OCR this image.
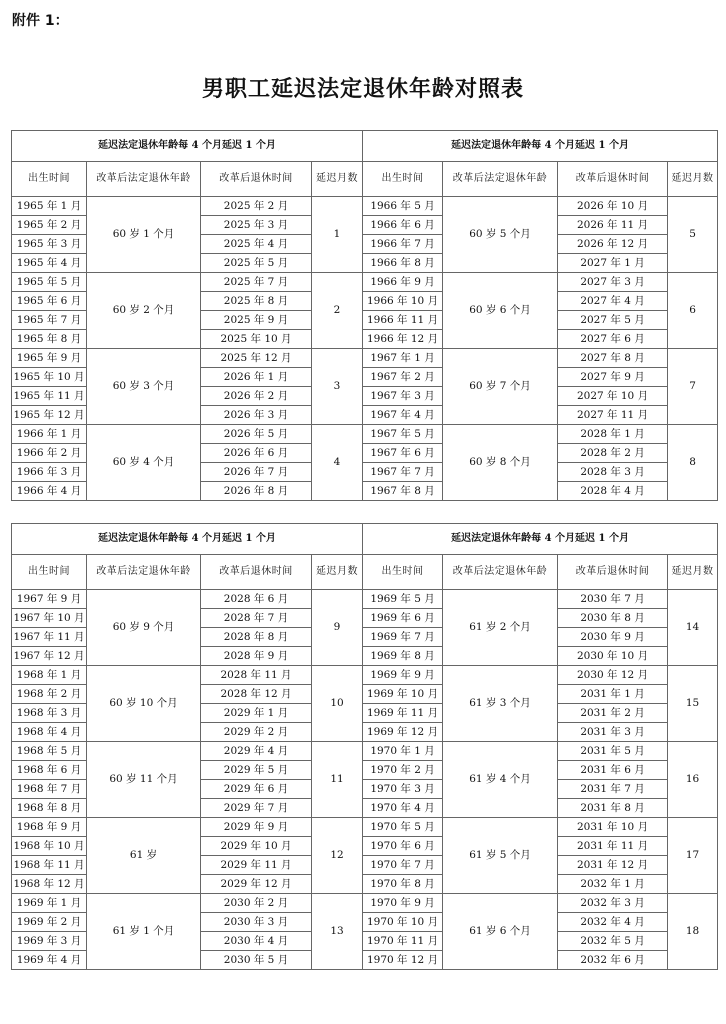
附件 1：
男职工延迟法定退休年龄对照表
延迟法定退休年龄每 4 个月延迟 1 个月				延迟法定退休年龄每 4 个月延迟 1 个月			
出生时间	改革后法定退休年龄	改革后退休时间	延迟月数	出生时间	改革后法定退休年龄	改革后退休时间	延迟月数
1965 年 1 月	60 岁 1 个月	2025 年 2 月	1	1966 年 5 月	60 岁 5 个月	2026 年 10 月	5
1965 年 2 月		2025 年 3 月		1966 年 6 月		2026 年 11 月	
1965 年 3 月		2025 年 4 月		1966 年 7 月		2026 年 12 月	
1965 年 4 月		2025 年 5 月		1966 年 8 月		2027 年 1 月	
1965 年 5 月	60 岁 2 个月	2025 年 7 月	2	1966 年 9 月	60 岁 6 个月	2027 年 3 月	6
1965 年 6 月		2025 年 8 月		1966 年 10 月		2027 年 4 月	
1965 年 7 月		2025 年 9 月		1966 年 11 月		2027 年 5 月	
1965 年 8 月		2025 年 10 月		1966 年 12 月		2027 年 6 月	
1965 年 9 月	60 岁 3 个月	2025 年 12 月	3	1967 年 1 月	60 岁 7 个月	2027 年 8 月	7
1965 年 10 月		2026 年 1 月		1967 年 2 月		2027 年 9 月	
1965 年 11 月		2026 年 2 月		1967 年 3 月		2027 年 10 月	
1965 年 12 月		2026 年 3 月		1967 年 4 月		2027 年 11 月	
1966 年 1 月	60 岁 4 个月	2026 年 5 月	4	1967 年 5 月	60 岁 8 个月	2028 年 1 月	8
1966 年 2 月		2026 年 6 月		1967 年 6 月		2028 年 2 月	
1966 年 3 月		2026 年 7 月		1967 年 7 月		2028 年 3 月	
1966 年 4 月		2026 年 8 月		1967 年 8 月		2028 年 4 月	
延迟法定退休年龄每 4 个月延迟 1 个月				延迟法定退休年龄每 4 个月延迟 1 个月			
出生时间	改革后法定退休年龄	改革后退休时间	延迟月数	出生时间	改革后法定退休年龄	改革后退休时间	延迟月数
1967 年 9 月	60 岁 9 个月	2028 年 6 月	9	1969 年 5 月	61 岁 2 个月	2030 年 7 月	14
1967 年 10 月		2028 年 7 月		1969 年 6 月		2030 年 8 月	
1967 年 11 月		2028 年 8 月		1969 年 7 月		2030 年 9 月	
1967 年 12 月		2028 年 9 月		1969 年 8 月		2030 年 10 月	
1968 年 1 月	60 岁 10 个月	2028 年 11 月	10	1969 年 9 月	61 岁 3 个月	2030 年 12 月	15
1968 年 2 月		2028 年 12 月		1969 年 10 月		2031 年 1 月	
1968 年 3 月		2029 年 1 月		1969 年 11 月		2031 年 2 月	
1968 年 4 月		2029 年 2 月		1969 年 12 月		2031 年 3 月	
1968 年 5 月	60 岁 11 个月	2029 年 4 月	11	1970 年 1 月	61 岁 4 个月	2031 年 5 月	16
1968 年 6 月		2029 年 5 月		1970 年 2 月		2031 年 6 月	
1968 年 7 月		2029 年 6 月		1970 年 3 月		2031 年 7 月	
1968 年 8 月		2029 年 7 月		1970 年 4 月		2031 年 8 月	
1968 年 9 月	61 岁	2029 年 9 月	12	1970 年 5 月	61 岁 5 个月	2031 年 10 月	17
1968 年 10 月		2029 年 10 月		1970 年 6 月		2031 年 11 月	
1968 年 11 月		2029 年 11 月		1970 年 7 月		2031 年 12 月	
1968 年 12 月		2029 年 12 月		1970 年 8 月		2032 年 1 月	
1969 年 1 月	61 岁 1 个月	2030 年 2 月	13	1970 年 9 月	61 岁 6 个月	2032 年 3 月	18
1969 年 2 月		2030 年 3 月		1970 年 10 月		2032 年 4 月	
1969 年 3 月		2030 年 4 月		1970 年 11 月		2032 年 5 月	
1969 年 4 月		2030 年 5 月		1970 年 12 月		2032 年 6 月	
